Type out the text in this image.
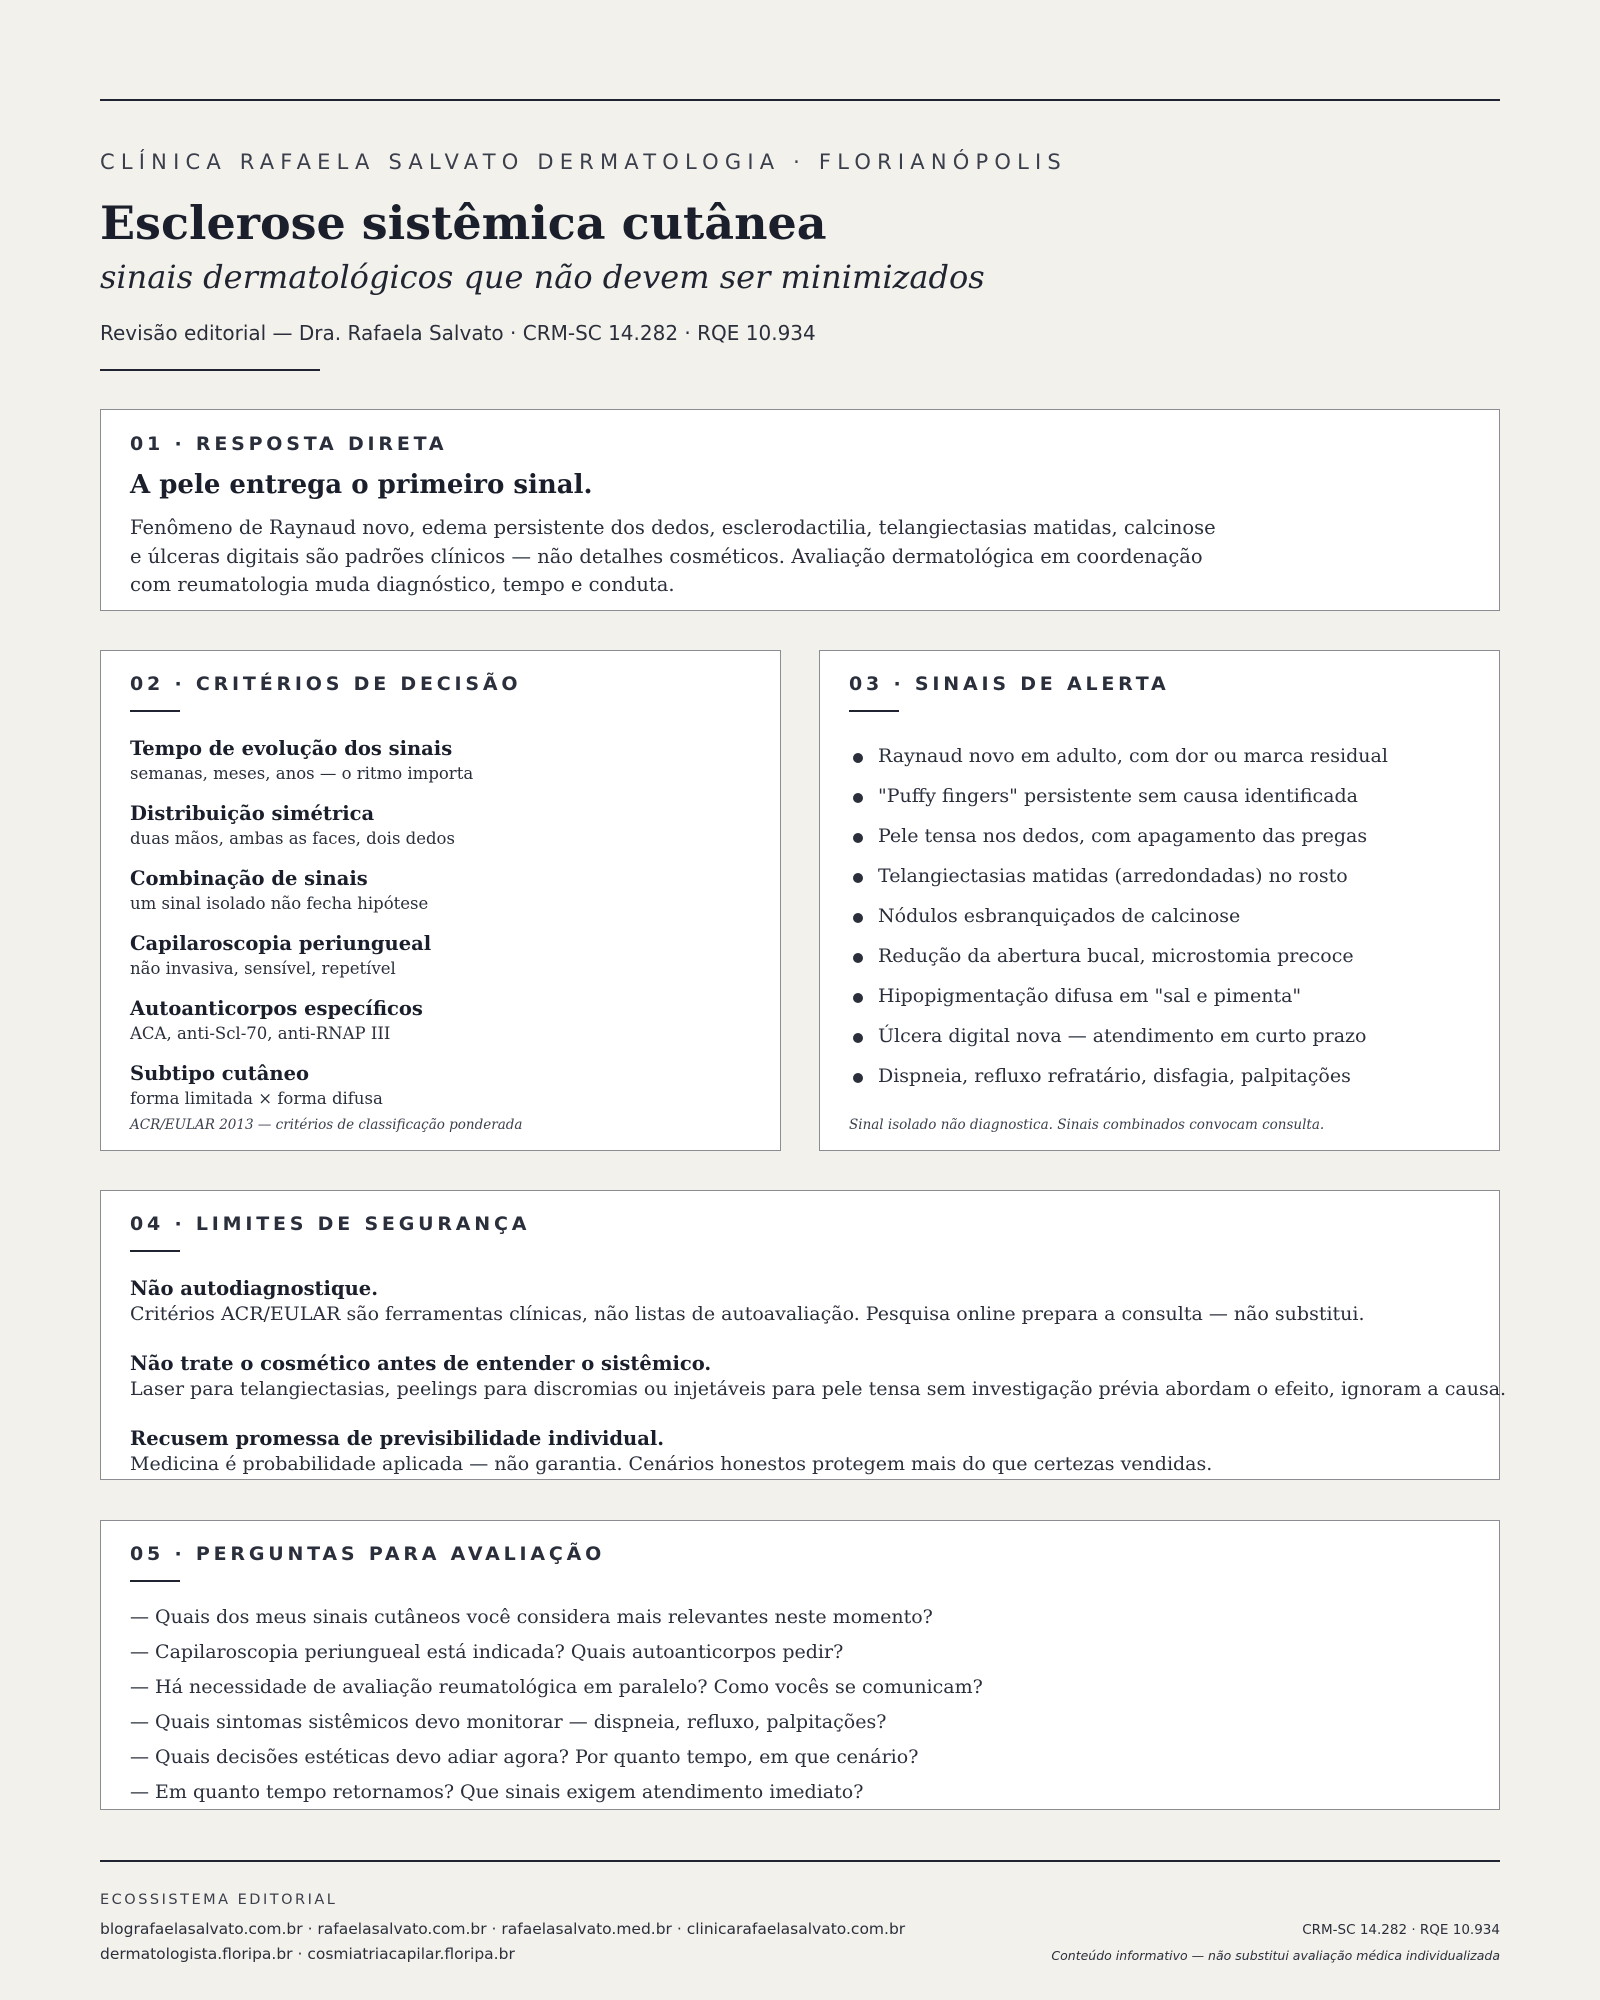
CLÍNICA RAFAELA SALVATO DERMATOLOGIA · FLORIANÓPOLIS
Esclerose sistêmica cutânea
sinais dermatológicos que não devem ser minimizados
Revisão editorial — Dra. Rafaela Salvato · CRM-SC 14.282 · RQE 10.934
01 · RESPOSTA DIRETA
A pele entrega o primeiro sinal.

Fenômeno de Raynaud novo, edema persistente dos dedos, esclerodactilia, telangiectasias matidas, calcinose e úlceras digitais são padrões clínicos — não detalhes cosméticos. Avaliação dermatológica em coordenação com reumatologia muda diagnóstico, tempo e conduta.

02 · CRITÉRIOS DE DECISÃO
Tempo de evolução dos sinais
semanas, meses, anos — o ritmo importa
Distribuição simétrica
duas mãos, ambas as faces, dois dedos
Combinação de sinais
um sinal isolado não fecha hipótese
Capilaroscopia periungueal
não invasiva, sensível, repetível
Autoanticorpos específicos
ACA, anti-Scl-70, anti-RNAP III
Subtipo cutâneo
forma limitada × forma difusa
ACR/EULAR 2013 — critérios de classificação ponderada
03 · SINAIS DE ALERTA
Raynaud novo em adulto, com dor ou marca residual
"Puffy fingers" persistente sem causa identificada
Pele tensa nos dedos, com apagamento das pregas
Telangiectasias matidas (arredondadas) no rosto
Nódulos esbranquiçados de calcinose
Redução da abertura bucal, microstomia precoce
Hipopigmentação difusa em "sal e pimenta"
Úlcera digital nova — atendimento em curto prazo
Dispneia, refluxo refratário, disfagia, palpitações
Sinal isolado não diagnostica. Sinais combinados convocam consulta.
04 · LIMITES DE SEGURANÇA
Não autodiagnostique.
Critérios ACR/EULAR são ferramentas clínicas, não listas de autoavaliação. Pesquisa online prepara a consulta — não substitui.
Não trate o cosmético antes de entender o sistêmico.
Laser para telangiectasias, peelings para discromias ou injetáveis para pele tensa sem investigação prévia abordam o efeito, ignoram a causa.
Recusem promessa de previsibilidade individual.
Medicina é probabilidade aplicada — não garantia. Cenários honestos protegem mais do que certezas vendidas.
05 · PERGUNTAS PARA AVALIAÇÃO
— Quais dos meus sinais cutâneos você considera mais relevantes neste momento?
— Capilaroscopia periungueal está indicada? Quais autoanticorpos pedir?
— Há necessidade de avaliação reumatológica em paralelo? Como vocês se comunicam?
— Quais sintomas sistêmicos devo monitorar — dispneia, refluxo, palpitações?
— Quais decisões estéticas devo adiar agora? Por quanto tempo, em que cenário?
— Em quanto tempo retornamos? Que sinais exigem atendimento imediato?
ECOSSISTEMA EDITORIAL
blografaelasalvato.com.br · rafaelasalvato.com.br · rafaelasalvato.med.br · clinicarafaelasalvato.com.br
dermatologista.floripa.br · cosmiatriacapilar.floripa.br
CRM-SC 14.282 · RQE 10.934
Conteúdo informativo — não substitui avaliação médica individualizada
